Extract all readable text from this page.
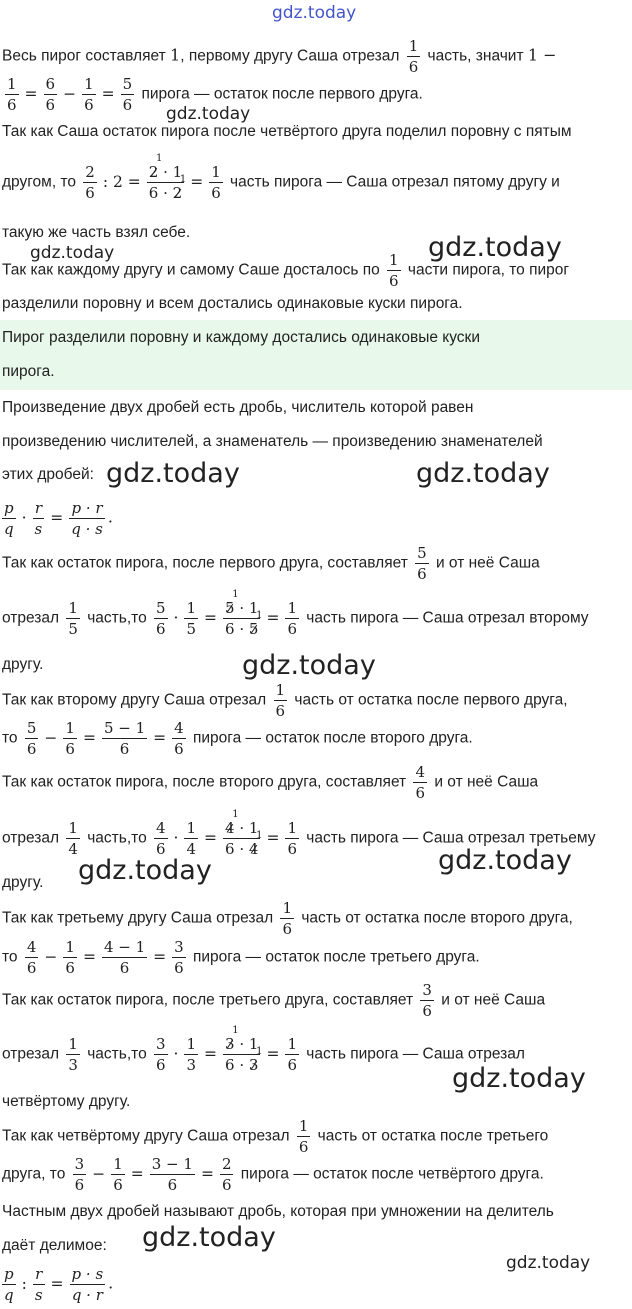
gdz.today
gdz.today
gdz.today	gdz.today
gdz.today	gdz.today
gdz.today
gdz.today	gdz.today
gdz.today
gdz.today
gdz.today
Весь пирог составляет 1, первому другу Саша отрезал $\frac{1}{6}$ часть, значит 1 −
$\frac{1}{6} = \frac{6}{6} - \frac{1}{6} = \frac{5}{6}$ пирога — остаток после первого друга.
Так как Саша остаток пирога после четвёртого друга поделил поровну с пятым
другом, то $\frac{2}{6}$ : 2 = 2
1
· 1
6 · 2
$1 = \frac{1}{6}$ часть пирога — Саша отрезал пятому другу и
такую же часть взял себе.
Так как каждому другу и самому Саше досталось по $\frac{1}{6}$ части пирога, то пирог
разделили поровну и всем достались одинаковые куски пирога.
Пирог разделили поровну и каждому достались одинаковые куски
пирога.
Произведение двух дробей есть дробь, числитель которой равен
произведению числителей, а знаменатель — произведению знаменателей
этих дробей:
$\frac{p}{q} \cdot \frac{r}{s} = \frac{p \cdot r}{q \cdot s}$ .
Так как остаток пирога, после первого друга, составляет $\frac{5}{6}$ и от неё Саша
отрезал $\frac{1}{5}$ часть,то $\frac{5}{6} \cdot \frac{1}{5} = 5$
1
· 1
6 · 5
$1 = \frac{1}{6}$ часть пирога — Саша отрезал второму
другу.
Так как второму другу Саша отрезал $\frac{1}{6}$ часть от остатка после первого друга,
то $\frac{5}{6} - \frac{1}{6} = \frac{5 - 1}{6} = \frac{4}{6}$ пирога — остаток после второго друга.
Так как остаток пирога, после второго друга, составляет $\frac{4}{6}$ и от неё Саша
отрезал $\frac{1}{4}$ часть,то $\frac{4}{6} \cdot \frac{1}{4} = 4$
1
· 1
6 · 4
$1 = \frac{1}{6}$ часть пирога — Саша отрезал третьему
другу.
Так как третьему другу Саша отрезал $\frac{1}{6}$ часть от остатка после второго друга,
то $\frac{4}{6} - \frac{1}{6} = \frac{4 - 1}{6} = \frac{3}{6}$ пирога — остаток после третьего друга.
Так как остаток пирога, после третьего друга, составляет $\frac{3}{6}$ и от неё Саша
отрезал $\frac{1}{3}$ часть,то $\frac{3}{6} \cdot \frac{1}{3} = 3$
1
· 1
6 · 3
$1 = \frac{1}{6}$ часть пирога — Саша отрезал
четвёртому другу.
Так как четвёртому другу Саша отрезал $\frac{1}{6}$ часть от остатка после третьего
друга, то $\frac{3}{6} - \frac{1}{6} = \frac{3 - 1}{6} = \frac{2}{6}$ пирога — остаток после четвёртого друга.
Частным двух дробей называют дробь, которая при умножении на делитель
даёт делимое:
$\frac{p}{q}$ : $\frac{r}{s} = \frac{p \cdot s}{q \cdot r}$ .
